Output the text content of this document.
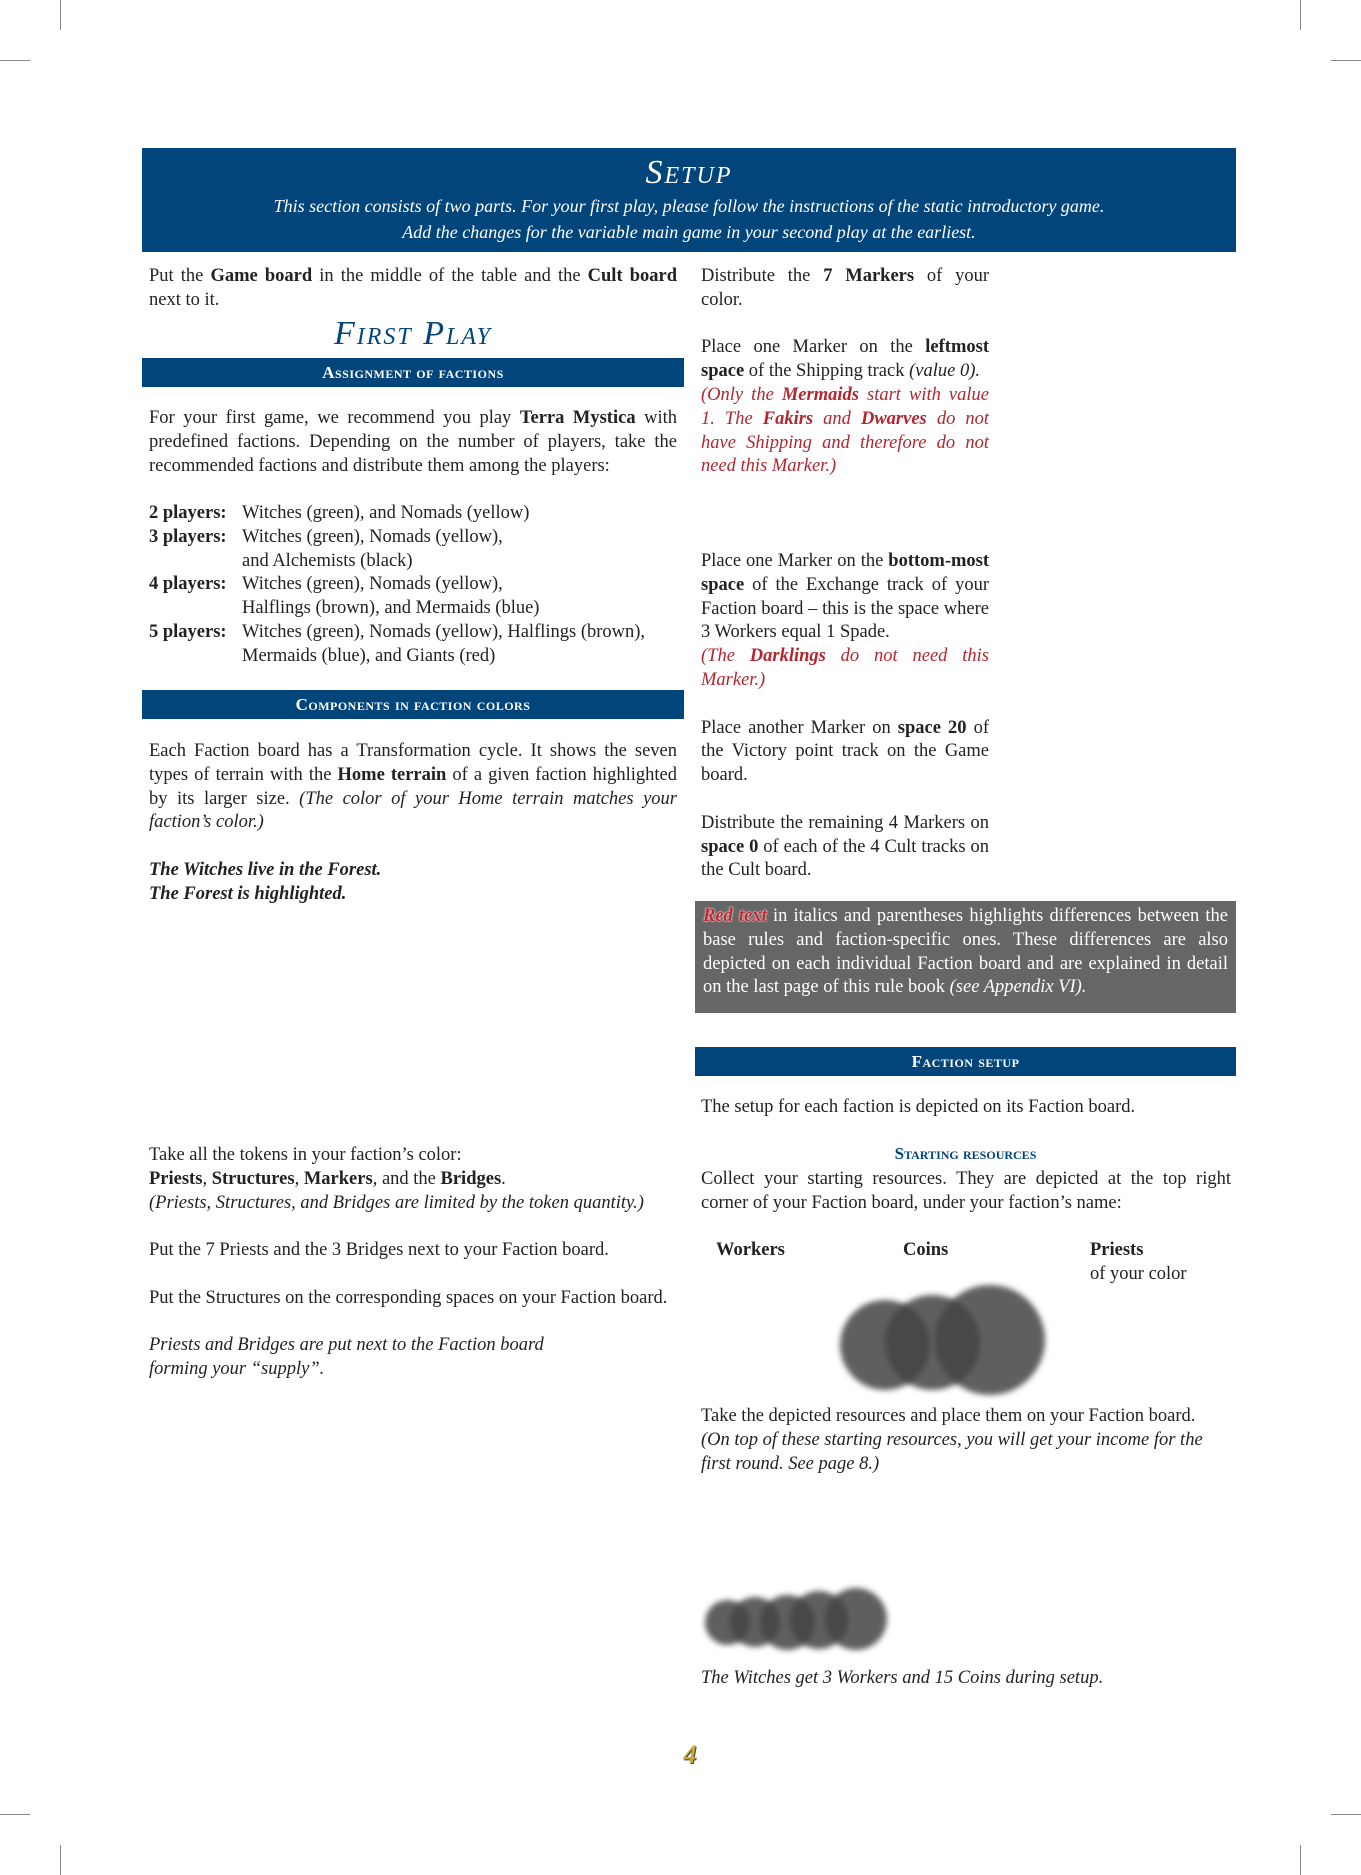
Setup

This section consists of two parts. For your first play, please follow the instructions of the static introductory game.

Add the changes for the variable main game in your second play at the earliest.

Put the Game board in the middle of the table and the Cult board next to it.

First Play
Assignment of factions

For your first game, we recommend you play Terra Mystica with predefined factions. Depending on the number of players, take the recommended factions and distribute them among the players:

2 players: Witches (green), and Nomads (yellow)
3 players: Witches (green), Nomads (yellow),
and Alchemists (black)
4 players: Witches (green), Nomads (yellow),
Halflings (brown), and Mermaids (blue)
5 players: Witches (green), Nomads (yellow), Halflings (brown),
Mermaids (blue), and Giants (red)
Components in faction colors

Each Faction board has a Transformation cycle. It shows the seven types of terrain with the Home terrain of a given faction highlighted by its larger size. (The color of your Home terrain matches your faction’s color.)

The Witches live in the Forest.

The Forest is highlighted.

Take all the tokens in your faction’s color:

Priests, Structures, Markers, and the Bridges.

(Priests, Structures, and Bridges are limited by the token quantity.)

Put the 7 Priests and the 3 Bridges next to your Faction board.

Put the Structures on the corresponding spaces on your Faction board.

Priests and Bridges are put next to the Faction board

forming your “supply”.

Distribute the 7 Markers of your color.

Place one Marker on the leftmost space of the Shipping track (value 0).

(Only the Mermaids start with value 1. The Fakirs and Dwarves do not have Shipping and therefore do not need this Marker.)

Place one Marker on the bottom-most space of the Exchange track of your Faction board – this is the space where 3 Workers equal 1 Spade.

(The Darklings do not need this Marker.)

Place another Marker on space 20 of the Victory point track on the Game board.

Distribute the remaining 4 Markers on space 0 of each of the 4 Cult tracks on the Cult board.

Red text in italics and parentheses highlights differences between the base rules and faction-specific ones. These differences are also depicted on each individual Faction board and are explained in detail on the last page of this rule book (see Appendix VI).
Faction setup
The setup for each faction is depicted on its Faction board.
Starting resources
Collect your starting resources. They are depicted at the top right corner of your Faction board, under your faction’s name:
Workers	Coins	Priests
of your color

Take the depicted resources and place them on your Faction board.

(On top of these starting resources, you will get your income for the first round. See page 8.)

The Witches get 3 Workers and 15 Coins during setup.
4
